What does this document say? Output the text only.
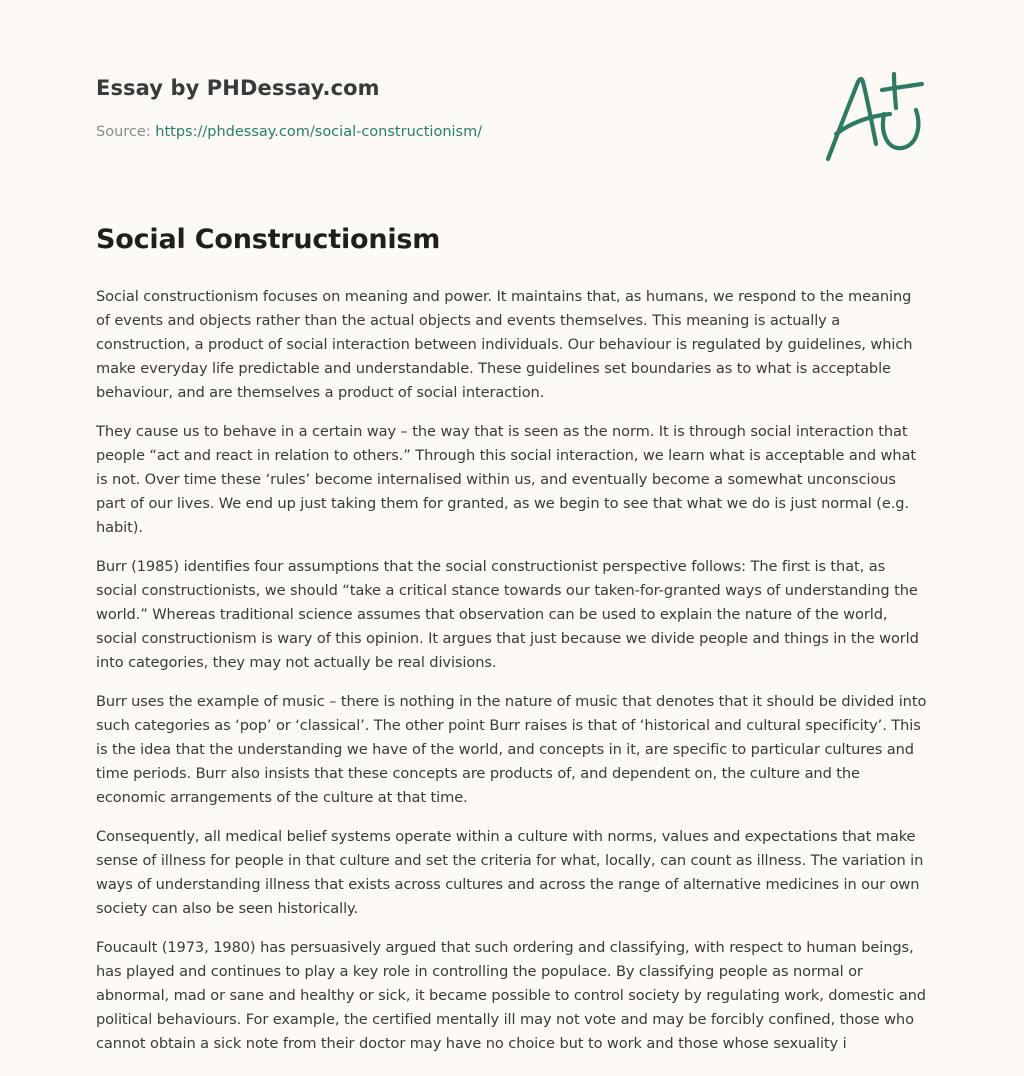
Essay by PHDessay.com
Source: https://phdessay.com/social-constructionism/
Social Constructionism

Social constructionism focuses on meaning and power. It maintains that, as humans, we respond to the meaning of events and objects rather than the actual objects and events themselves. This meaning is actually a construction, a product of social interaction between individuals. Our behaviour is regulated by guidelines, which make everyday life predictable and understandable. These guidelines set boundaries as to what is acceptable behaviour, and are themselves a product of social interaction.

They cause us to behave in a certain way – the way that is seen as the norm. It is through social interaction that people “act and react in relation to others.” Through this social interaction, we learn what is acceptable and what is not. Over time these ‘rules’ become internalised within us, and eventually become a somewhat unconscious part of our lives. We end up just taking them for granted, as we begin to see that what we do is just normal (e.g. habit).

Burr (1985) identifies four assumptions that the social constructionist perspective follows: The first is that, as social constructionists, we should “take a critical stance towards our taken-for-granted ways of understanding the world.” Whereas traditional science assumes that observation can be used to explain the nature of the world, social constructionism is wary of this opinion. It argues that just because we divide people and things in the world into categories, they may not actually be real divisions.

Burr uses the example of music – there is nothing in the nature of music that denotes that it should be divided into such categories as ‘pop’ or ‘classical’. The other point Burr raises is that of ‘historical and cultural specificity’. This is the idea that the understanding we have of the world, and concepts in it, are specific to particular cultures and time periods. Burr also insists that these concepts are products of, and dependent on, the culture and the economic arrangements of the culture at that time.

Consequently, all medical belief systems operate within a culture with norms, values and expectations that make sense of illness for people in that culture and set the criteria for what, locally, can count as illness. The variation in ways of understanding illness that exists across cultures and across the range of alternative medicines in our own society can also be seen historically.

Foucault (1973, 1980) has persuasively argued that such ordering and classifying, with respect to human beings, has played and continues to play a key role in controlling the populace. By classifying people as normal or abnormal, mad or sane and healthy or sick, it became possible to control society by regulating work, domestic and political behaviours. For example, the certified mentally ill may not vote and may be forcibly confined, those who cannot obtain a sick note from their doctor may have no choice but to work and those whose sexuality i
